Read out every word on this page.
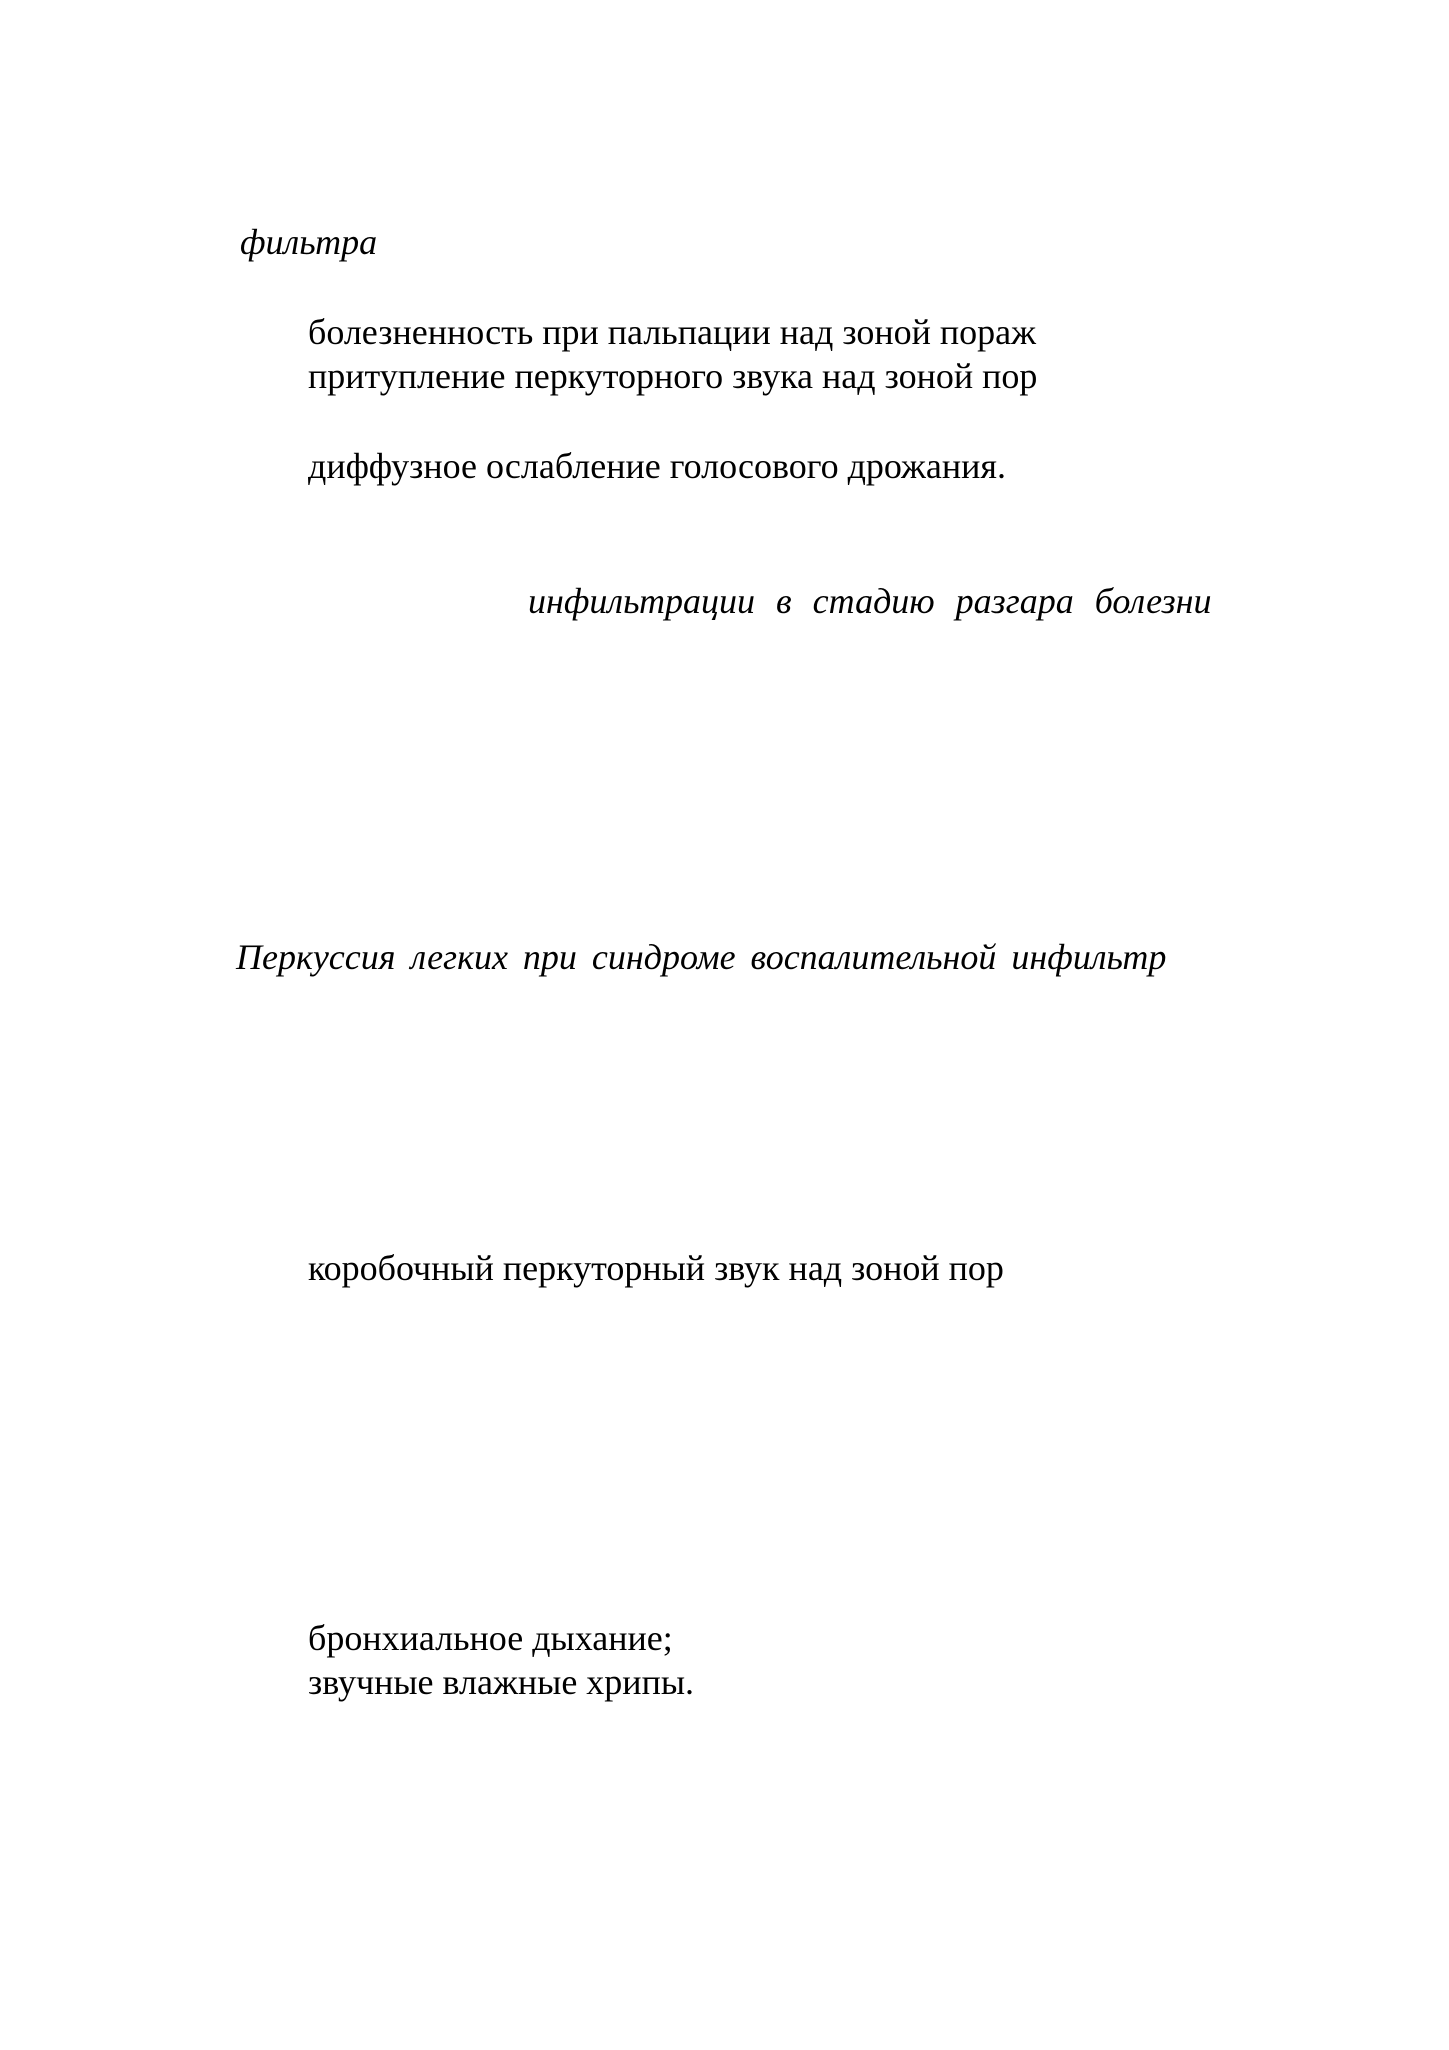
фильтра
болезненность при пальпации над зоной пораж
притупление перкуторного звука над зоной пор
диффузное ослабление голосового дрожания.
инфильтрации в стадию разгара болезни
Перкуссия легких при синдроме воспалительной инфильтр
коробочный перкуторный звук над зоной пор
бронхиальное дыхание;
звучные влажные хрипы.
